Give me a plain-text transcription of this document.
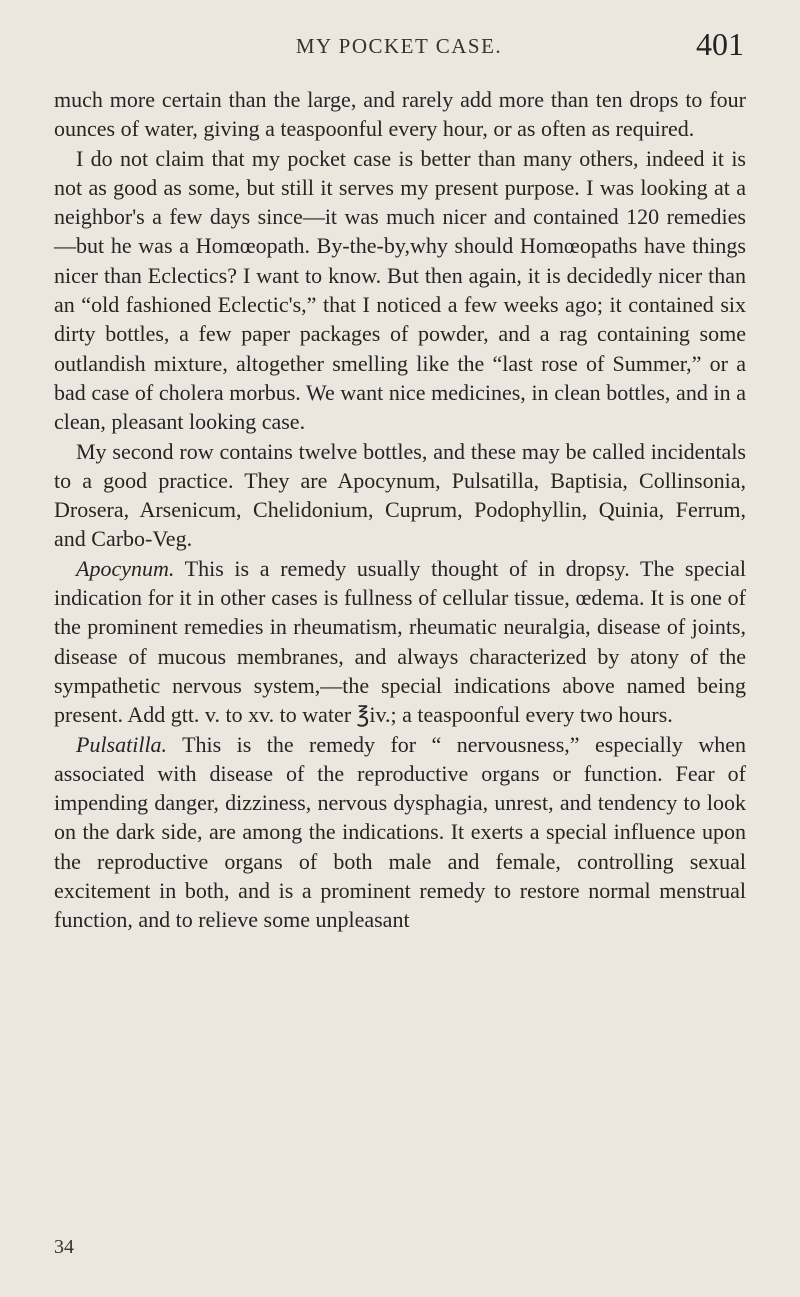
MY POCKET CASE.	401

much more certain than the large, and rarely add more than ten drops to four ounces of water, giving a teaspoonful every hour, or as often as required.

I do not claim that my pocket case is better than many others, indeed it is not as good as some, but still it serves my present purpose. I was looking at a neighbor's a few days since—it was much nicer and contained 120 remedies—but he was a Homœopath. By-the-by,why should Homœopaths have things nicer than Eclectics? I want to know. But then again, it is decidedly nicer than an “old fashioned Eclectic's,” that I noticed a few weeks ago; it contained six dirty bottles, a few paper packages of powder, and a rag containing some outlandish mixture, altogether smelling like the “last rose of Summer,” or a bad case of cholera morbus. We want nice medicines, in clean bottles, and in a clean, pleasant looking case.

My second row contains twelve bottles, and these may be called incidentals to a good practice. They are Apocynum, Pulsatilla, Baptisia, Collinsonia, Drosera, Arsenicum, Chelidonium, Cuprum, Podophyllin, Quinia, Ferrum, and Carbo-Veg.

Apocynum. This is a remedy usually thought of in dropsy. The special indication for it in other cases is fullness of cellular tissue, œdema. It is one of the prominent remedies in rheumatism, rheumatic neuralgia, disease of joints, disease of mucous membranes, and always characterized by atony of the sympathetic nervous system,—the special indications above named being present. Add gtt. v. to xv. to water ℥iv.; a teaspoonful every two hours.

Pulsatilla. This is the remedy for “ nervousness,” especially when associated with disease of the reproductive organs or function. Fear of impending danger, dizziness, nervous dysphagia, unrest, and tendency to look on the dark side, are among the indications. It exerts a special influence upon the reproductive organs of both male and female, controlling sexual excitement in both, and is a prominent remedy to restore normal menstrual function, and to relieve some unpleasant

34
